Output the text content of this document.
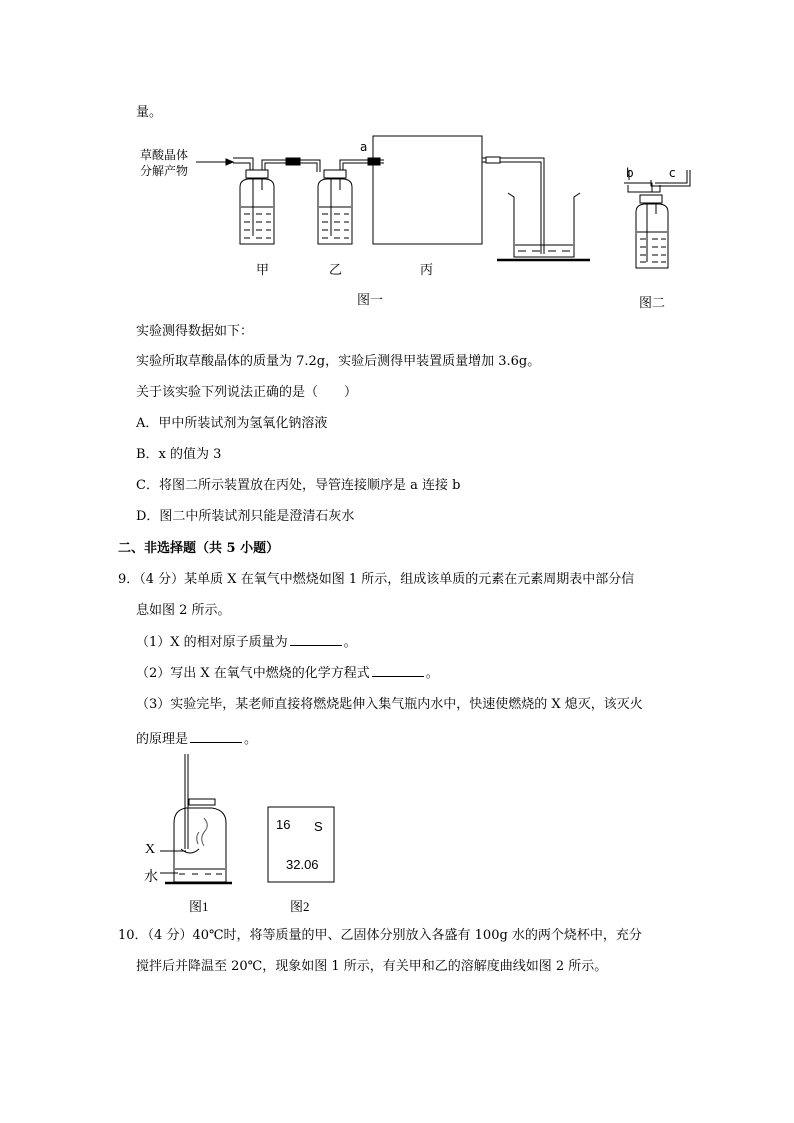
量。
草酸晶体
分解产物
a
b	c
甲	乙	丙
图一	图二
实验测得数据如下：
实验所取草酸晶体的质量为 7.2g，实验后测得甲装置质量增加 3.6g。
关于该实验下列说法正确的是（　　）
A．甲中所装试剂为氢氧化钠溶液
B．x 的值为 3
C．将图二所示装置放在丙处，导管连接顺序是 a 连接 b
D．图二中所装试剂只能是澄清石灰水
二、非选择题（共 5 小题）
9．（4 分）某单质 X 在氧气中燃烧如图 1 所示，组成该单质的元素在元素周期表中部分信
息如图 2 所示。
（1）X 的相对原子质量为	。
（2）写出 X 在氧气中燃烧的化学方程式	。
（3）实验完毕，某老师直接将燃烧匙伸入集气瓶内水中，快速使燃烧的 X 熄灭，该灭火
的原理是	。
X
水
16 S
32.06
图1	图2
10．（4 分）40℃时，将等质量的甲、乙固体分别放入各盛有 100g 水的两个烧杯中，充分
搅拌后并降温至 20℃，现象如图 1 所示，有关甲和乙的溶解度曲线如图 2 所示。
